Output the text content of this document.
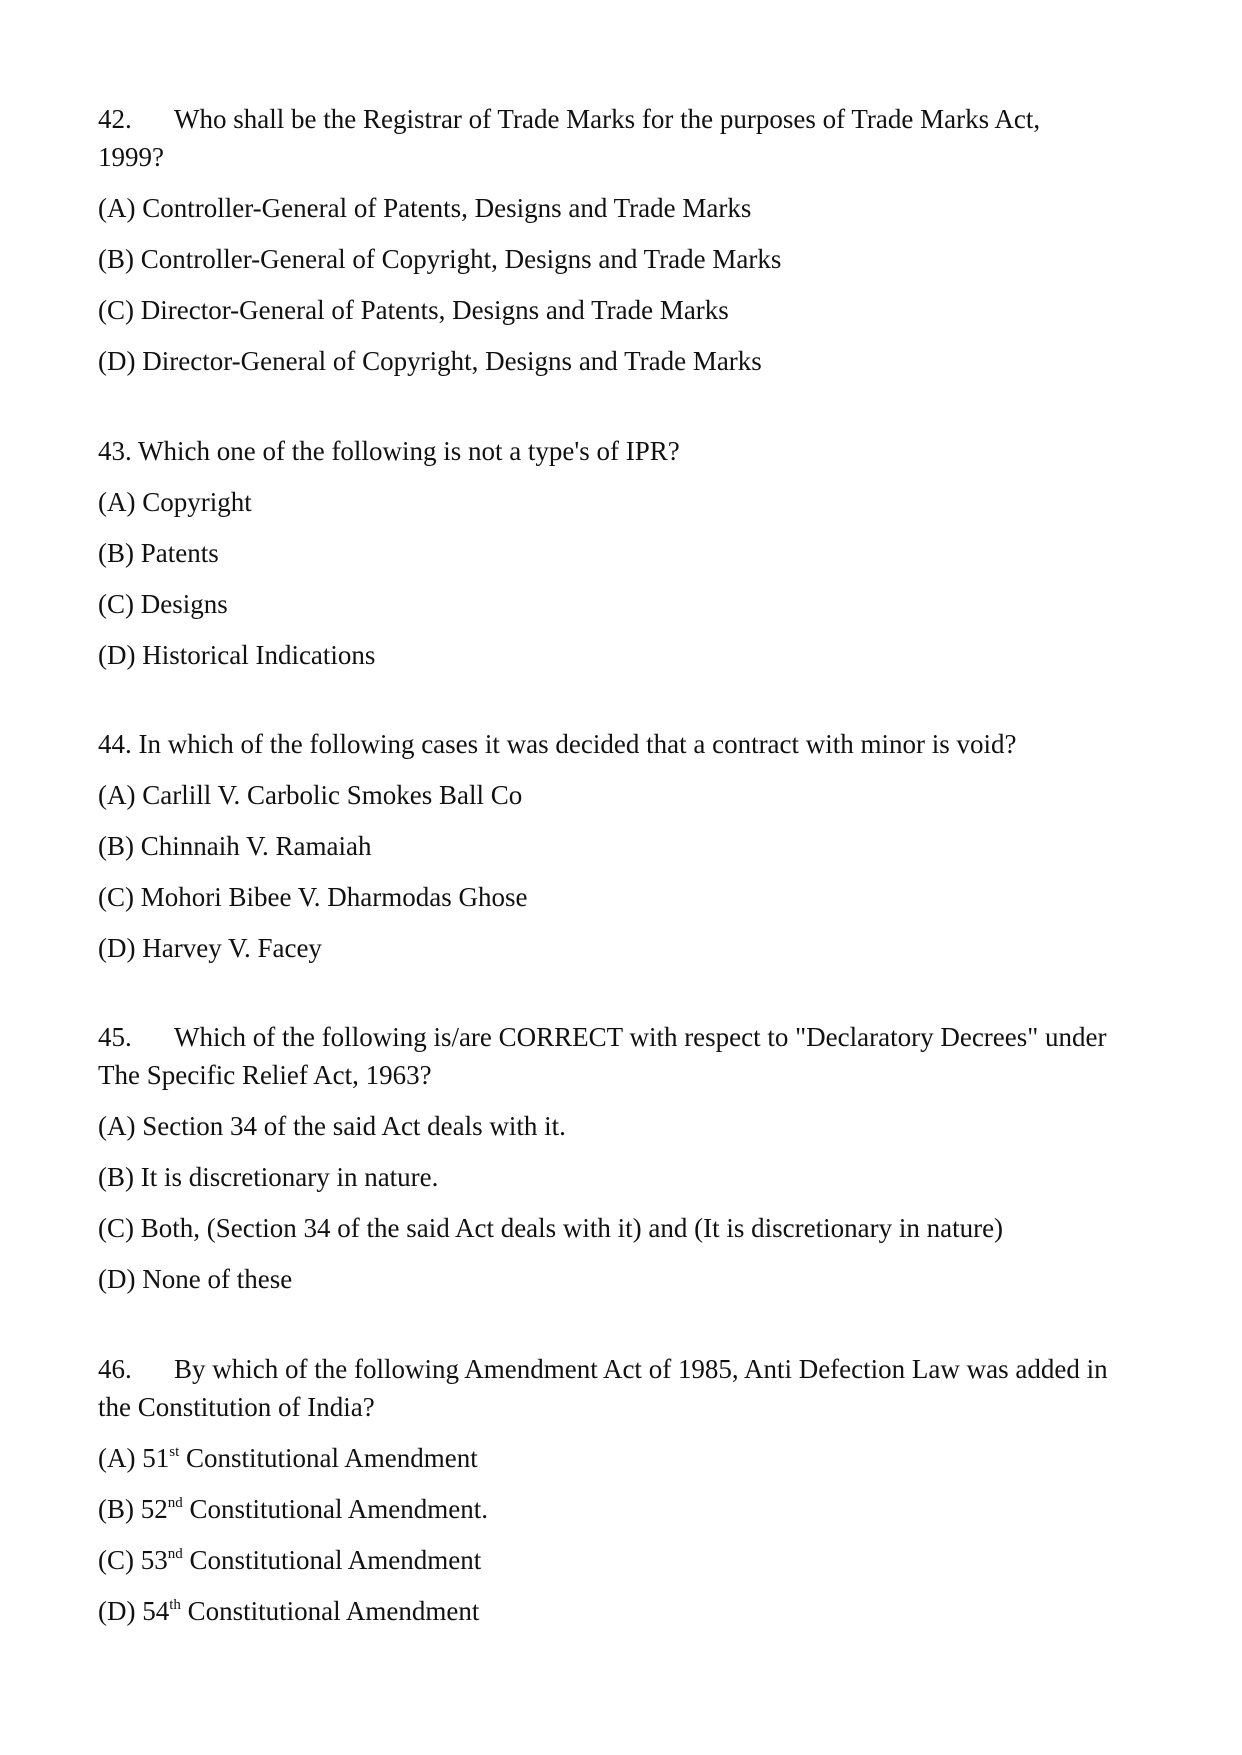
42. Who shall be the Registrar of Trade Marks for the purposes of Trade Marks Act, 1999?
(A) Controller-General of Patents, Designs and Trade Marks
(B) Controller-General of Copyright, Designs and Trade Marks
(C) Director-General of Patents, Designs and Trade Marks
(D) Director-General of Copyright, Designs and Trade Marks
43. Which one of the following is not a type's of IPR?
(A) Copyright
(B) Patents
(C) Designs
(D) Historical Indications
44. In which of the following cases it was decided that a contract with minor is void?
(A) Carlill V. Carbolic Smokes Ball Co
(B) Chinnaih V. Ramaiah
(C) Mohori Bibee V. Dharmodas Ghose
(D) Harvey V. Facey
45. Which of the following is/are CORRECT with respect to "Declaratory Decrees" under The Specific Relief Act, 1963?
(A) Section 34 of the said Act deals with it.
(B) It is discretionary in nature.
(C) Both, (Section 34 of the said Act deals with it) and (It is discretionary in nature)
(D) None of these
46. By which of the following Amendment Act of 1985, Anti Defection Law was added in the Constitution of India?
(A) 51st Constitutional Amendment
(B) 52nd Constitutional Amendment.
(C) 53nd Constitutional Amendment
(D) 54th Constitutional Amendment
